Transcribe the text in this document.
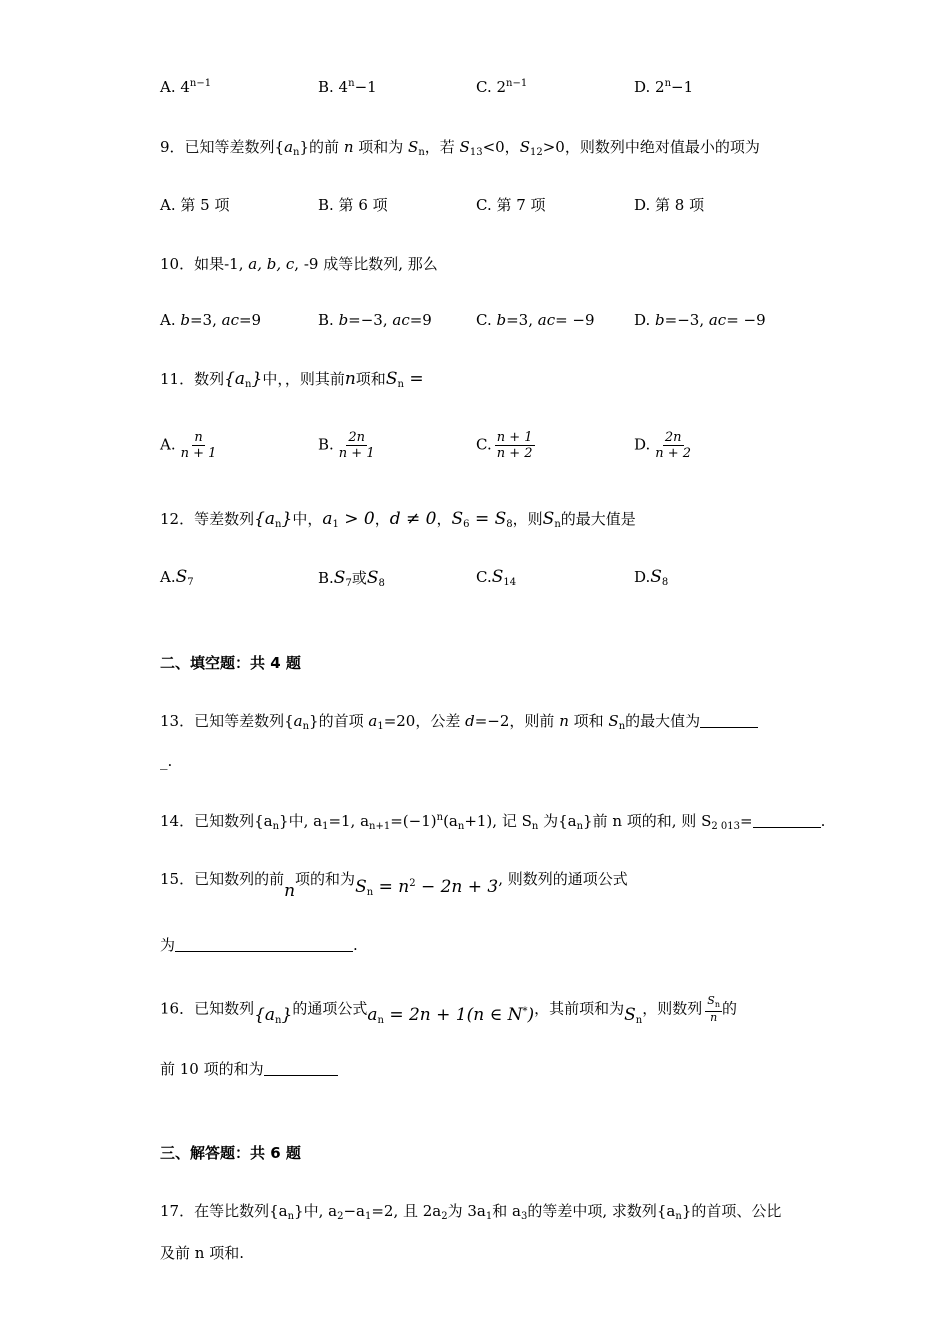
A. $4^{n-1}$	B. $4^n-1$	C. $2^{n-1}$	D. $2^n-1$
9．已知等差数列$\{a_n\}$的前 n 项和为 $S_n$，若 $S_{13}<0$，$S_{12}>0$，则数列中绝对值最小的项为
A. 第 5 项	B. 第 6 项	C. 第 7 项	D. 第 8 项
10．如果-1, a, b, c, -9 成等比数列, 那么
A. b=3, ac=9	B. b=−3, ac=9	C. b=3, ac= −9	D. b=−3, ac= −9
11．数列$\{a_n\}$中，，则其前n项和$S_n$ =
A. $\frac{n}{n + 1}$	B. $\frac{2n}{n + 1}$	C. $\frac{n + 1}{n + 2}$	D. $\frac{2n}{n + 2}$
12．等差数列$\{a_n\}$中，$a_1 > 0$，d ≠ 0，$S_6 = S_8$，则$S_n$的最大值是
$A.S_7$	$B.S_7$或$S_8$	$C.S_{14}$	$D.S_8$
二、填空题：共 4 题
13．已知等差数列$\{a_n\}$的首项 $a_1=20$，公差 d=−2，则前 n 项和 $S_n$的最大值为
_.
14．已知数列$\{a_n\}$中, $a_1=1$, $a_{n+1}=(-1)^n(a_n+1)$, 记 $S_n$ 为$\{a_n\}$前 n 项的和, 则 $S_{2 013}=$	.
15．已知数列的前n项的和为$S_n = n^2 - 2n + 3$, 则数列的通项公式
为	.
16．已知数列$\{a_n\}$的通项公式$a_n = 2n + 1(n$ ∈ N*)，其前项和为$S_n$，则数列 $\frac{S_n}{n}$ 的
前 10 项的和为
三、解答题：共 6 题
17．在等比数列$\{a_n\}$中, $a_2-a_1=2$, 且 $2a_2$为 $3a_1$和 $a_3$的等差中项, 求数列$\{a_n\}$的首项、公比
及前 n 项和.
